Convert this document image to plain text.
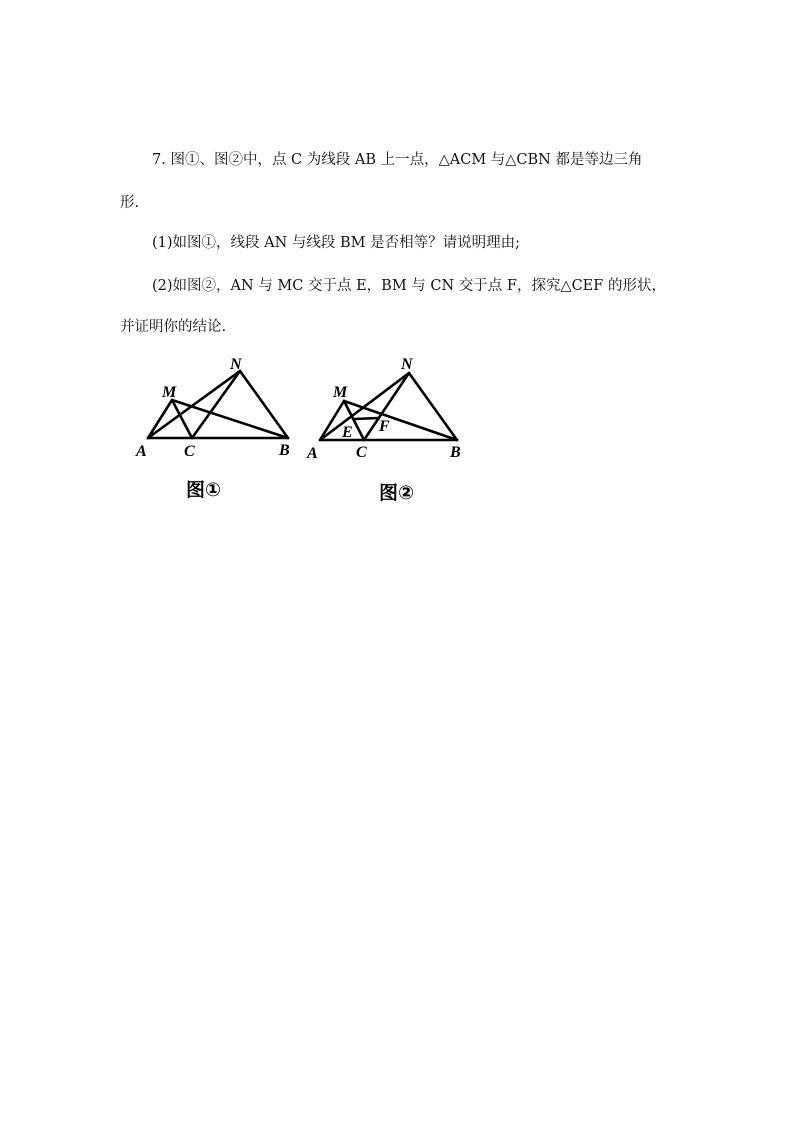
7. 图①、图②中，点 C 为线段 AB 上一点，△ACM 与△CBN 都是等边三角
形.
(1)如图①，线段 AN 与线段 BM 是否相等？请说明理由;
(2)如图②，AN 与 MC 交于点 E，BM 与 CN 交于点 F，探究△CEF 的形状，
并证明你的结论.
M
N
A C	B
图①
M
N
A C	B
E F
图②
